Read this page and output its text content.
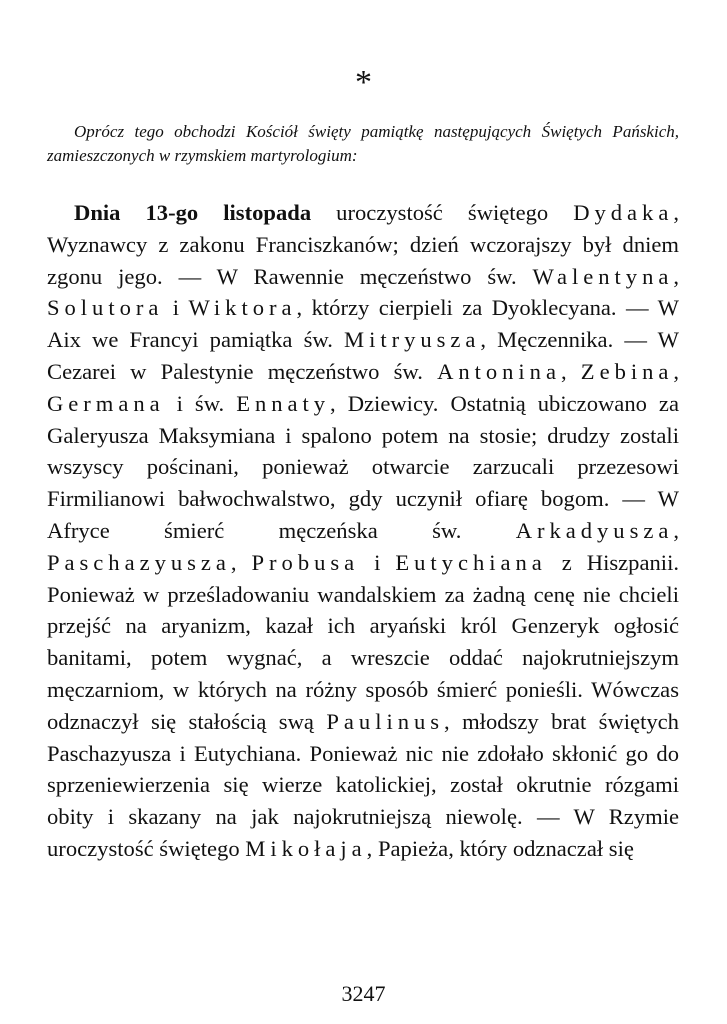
*

Oprócz tego obchodzi Kościół święty pamiątkę następujących Świętych Pańskich, zamieszczonych w rzymskiem martyrologium:

Dnia 13-go listopada uroczystość świętego Dydaka, Wyznawcy z zakonu Franciszkanów; dzień wczorajszy był dniem zgonu jego. — W Rawennie męczeństwo św. Walentyna, Solutora i Wiktora, którzy cierpieli za Dyoklecyana. — W Aix we Francyi pamiątka św. Mitryusza, Męczennika. — W Cezarei w Palestynie męczeństwo św. Antonina, Zebina, Germana i św. Ennaty, Dziewicy. Ostatnią ubiczowano za Galeryusza Maksymiana i spalono potem na stosie; drudzy zostali wszyscy pościnani, ponieważ otwarcie zarzucali przezesowi Firmilianowi bałwochwalstwo, gdy uczynił ofiarę bogom. — W Afryce śmierć męczeńska św. Arkadyusza, Paschazyusza, Probusa i Eutychiana z Hiszpanii. Ponieważ w prześladowaniu wandalskiem za żadną cenę nie chcieli przejść na aryanizm, kazał ich aryański król Genzeryk ogłosić banitami, potem wygnać, a wreszcie oddać najokrutniejszym męczarniom, w których na różny sposób śmierć ponieśli. Wówczas odznaczył się stałością swą Paulinus, młodszy brat świętych Paschazyusza i Eutychiana. Ponieważ nic nie zdołało skłonić go do sprzeniewierzenia się wierze katolickiej, został okrutnie rózgami obity i skazany na jak najokrutniejszą niewolę. — W Rzymie uroczystość świętego Mikołaja, Papieża, który odznaczał się

3247
